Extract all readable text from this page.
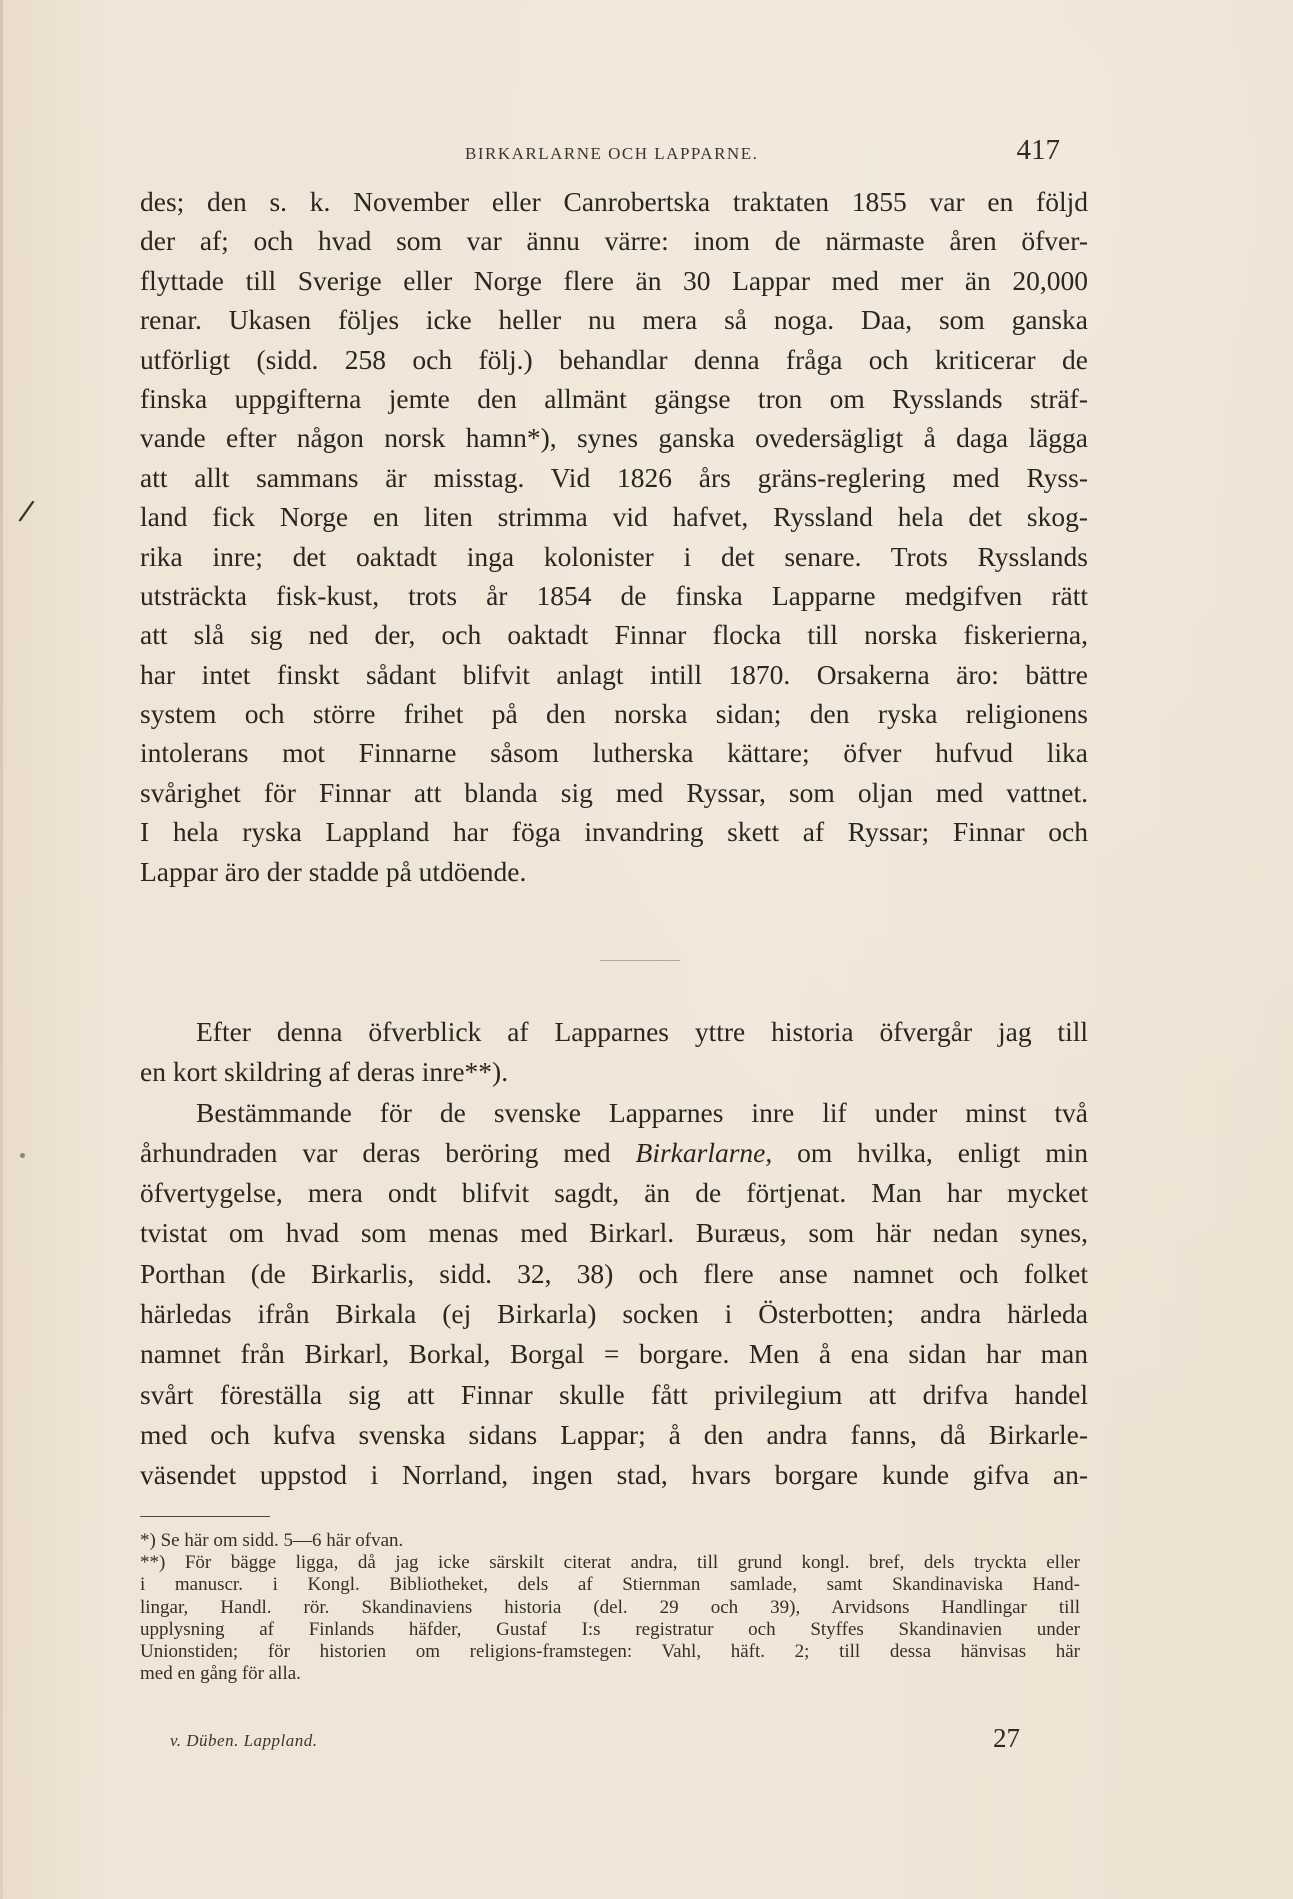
/
BIRKARLARNE OCH LAPPARNE.	417
des; den s. k. November eller Canrobertska traktaten 1855 var en följd
der af; och hvad som var ännu värre: inom de närmaste åren öfver-
flyttade till Sverige eller Norge flere än 30 Lappar med mer än 20,000
renar. Ukasen följes icke heller nu mera så noga. Daa, som ganska
utförligt (sidd. 258 och följ.) behandlar denna fråga och kriticerar de
finska uppgifterna jemte den allmänt gängse tron om Rysslands sträf-
vande efter någon norsk hamn*), synes ganska ovedersägligt å daga lägga
att allt sammans är misstag. Vid 1826 års gräns-reglering med Ryss-
land fick Norge en liten strimma vid hafvet, Ryssland hela det skog-
rika inre; det oaktadt inga kolonister i det senare. Trots Rysslands
utsträckta fisk-kust, trots år 1854 de finska Lapparne medgifven rätt
att slå sig ned der, och oaktadt Finnar flocka till norska fiskerierna,
har intet finskt sådant blifvit anlagt intill 1870. Orsakerna äro: bättre
system och större frihet på den norska sidan; den ryska religionens
intolerans mot Finnarne såsom lutherska kättare; öfver hufvud lika
svårighet för Finnar att blanda sig med Ryssar, som oljan med vattnet.
I hela ryska Lappland har föga invandring skett af Ryssar; Finnar och
Lappar äro der stadde på utdöende.
Efter denna öfverblick af Lapparnes yttre historia öfvergår jag till
en kort skildring af deras inre**).
Bestämmande för de svenske Lapparnes inre lif under minst två
århundraden var deras beröring med Birkarlarne, om hvilka, enligt min
öfvertygelse, mera ondt blifvit sagdt, än de förtjenat. Man har mycket
tvistat om hvad som menas med Birkarl. Buræus, som här nedan synes,
Porthan (de Birkarlis, sidd. 32, 38) och flere anse namnet och folket
härledas ifrån Birkala (ej Birkarla) socken i Österbotten; andra härleda
namnet från Birkarl, Borkal, Borgal = borgare. Men å ena sidan har man
svårt föreställa sig att Finnar skulle fått privilegium att drifva handel
med och kufva svenska sidans Lappar; å den andra fanns, då Birkarle-
väsendet uppstod i Norrland, ingen stad, hvars borgare kunde gifva an-
*) Se här om sidd. 5—6 här ofvan.
**) För bägge ligga, då jag icke särskilt citerat andra, till grund kongl. bref, dels tryckta eller
i manuscr. i Kongl. Bibliotheket, dels af Stiernman samlade, samt Skandinaviska Hand-
lingar, Handl. rör. Skandinaviens historia (del. 29 och 39), Arvidsons Handlingar till
upplysning af Finlands häfder, Gustaf I:s registratur och Styffes Skandinavien under
Unionstiden; för historien om religions-framstegen: Vahl, häft. 2; till dessa hänvisas här
med en gång för alla.
v. Düben. Lappland.	27
